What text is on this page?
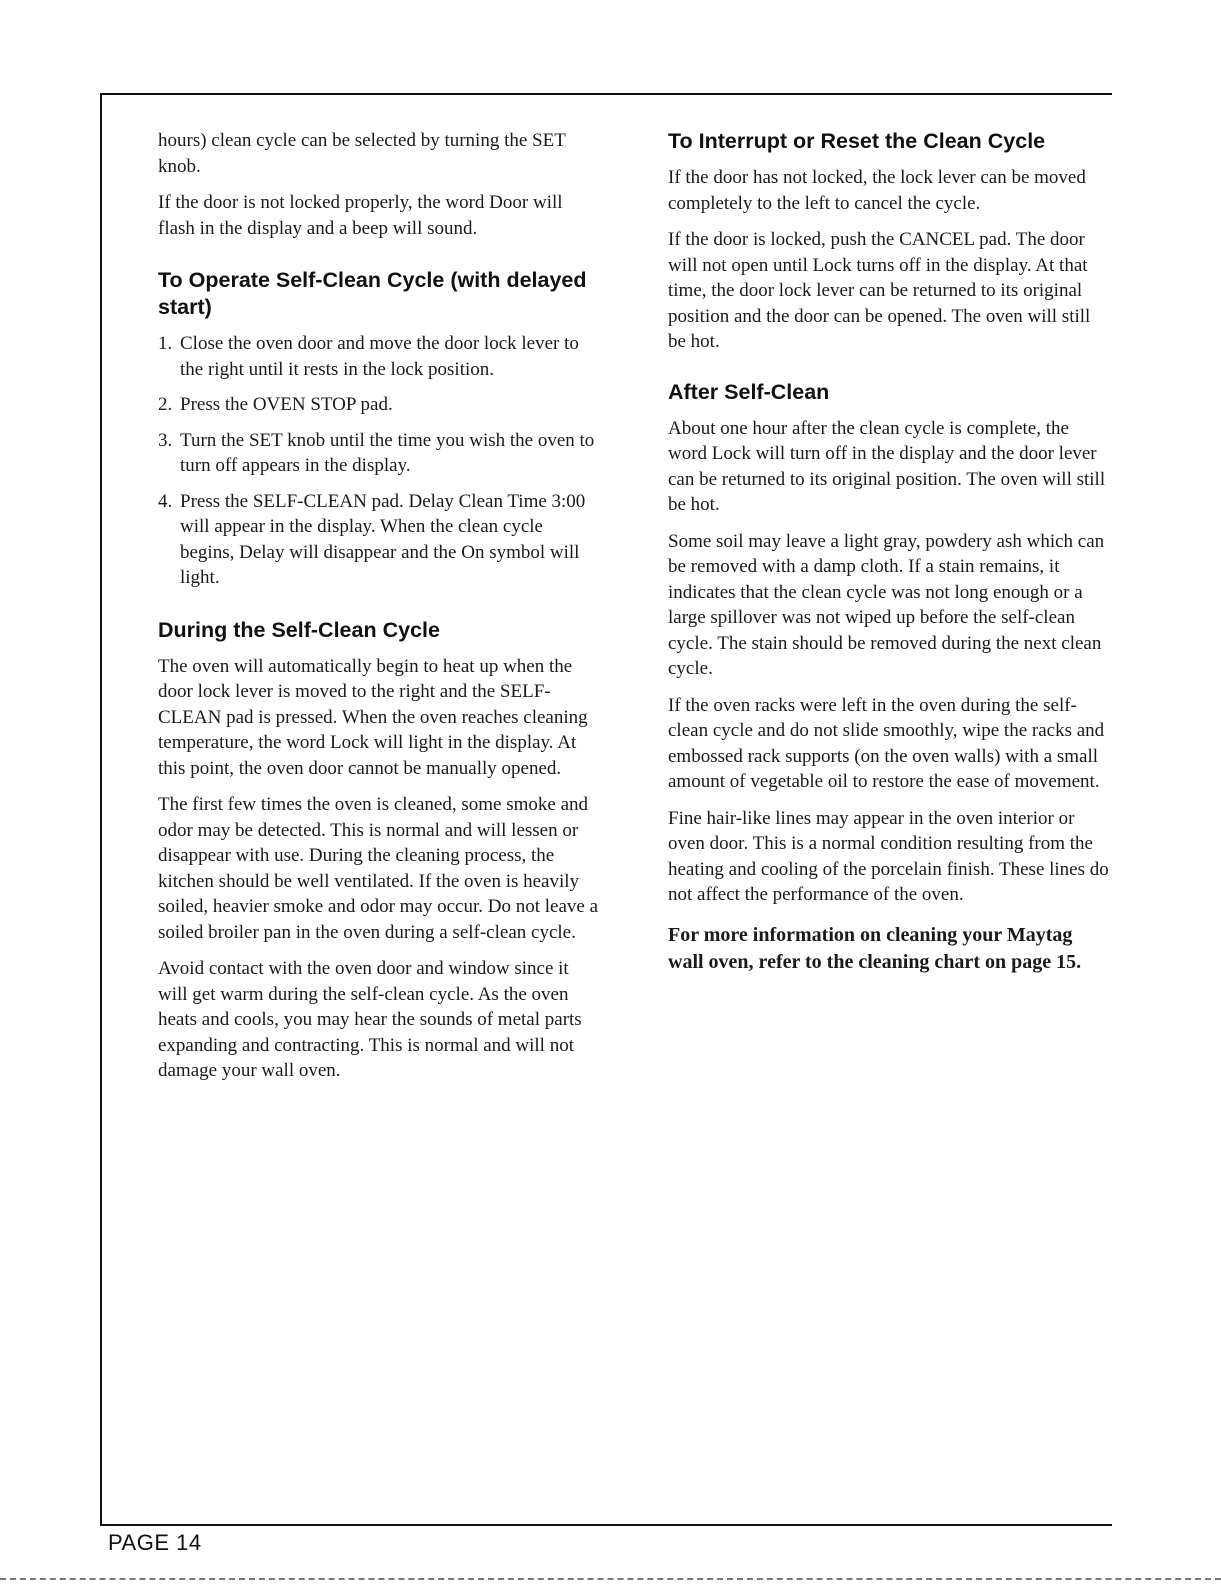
hours) clean cycle can be selected by turning the SET knob.

If the door is not locked properly, the word Door will flash in the display and a beep will sound.

To Operate Self-Clean Cycle (with delayed start)
1. Close the oven door and move the door lock lever to the right until it rests in the lock position.
2. Press the OVEN STOP pad.
3. Turn the SET knob until the time you wish the oven to turn off appears in the display.
4. Press the SELF-CLEAN pad. Delay Clean Time 3:00 will appear in the display. When the clean cycle begins, Delay will disappear and the On symbol will light.
During the Self-Clean Cycle

The oven will automatically begin to heat up when the door lock lever is moved to the right and the SELF-CLEAN pad is pressed. When the oven reaches cleaning temperature, the word Lock will light in the display. At this point, the oven door cannot be manually opened.

The first few times the oven is cleaned, some smoke and odor may be detected. This is normal and will lessen or disappear with use. During the cleaning process, the kitchen should be well ventilated. If the oven is heavily soiled, heavier smoke and odor may occur. Do not leave a soiled broiler pan in the oven during a self-clean cycle.

Avoid contact with the oven door and window since it will get warm during the self-clean cycle. As the oven heats and cools, you may hear the sounds of metal parts expanding and contracting. This is normal and will not damage your wall oven.

To Interrupt or Reset the Clean Cycle

If the door has not locked, the lock lever can be moved completely to the left to cancel the cycle.

If the door is locked, push the CANCEL pad. The door will not open until Lock turns off in the display. At that time, the door lock lever can be returned to its original position and the door can be opened. The oven will still be hot.

After Self-Clean

About one hour after the clean cycle is complete, the word Lock will turn off in the display and the door lever can be returned to its original position. The oven will still be hot.

Some soil may leave a light gray, powdery ash which can be removed with a damp cloth. If a stain remains, it indicates that the clean cycle was not long enough or a large spillover was not wiped up before the self-clean cycle. The stain should be removed during the next clean cycle.

If the oven racks were left in the oven during the self-clean cycle and do not slide smoothly, wipe the racks and embossed rack supports (on the oven walls) with a small amount of vegetable oil to restore the ease of movement.

Fine hair-like lines may appear in the oven interior or oven door. This is a normal condition resulting from the heating and cooling of the porcelain finish. These lines do not affect the performance of the oven.

For more information on cleaning your Maytag wall oven, refer to the cleaning chart on page 15.

PAGE 14
